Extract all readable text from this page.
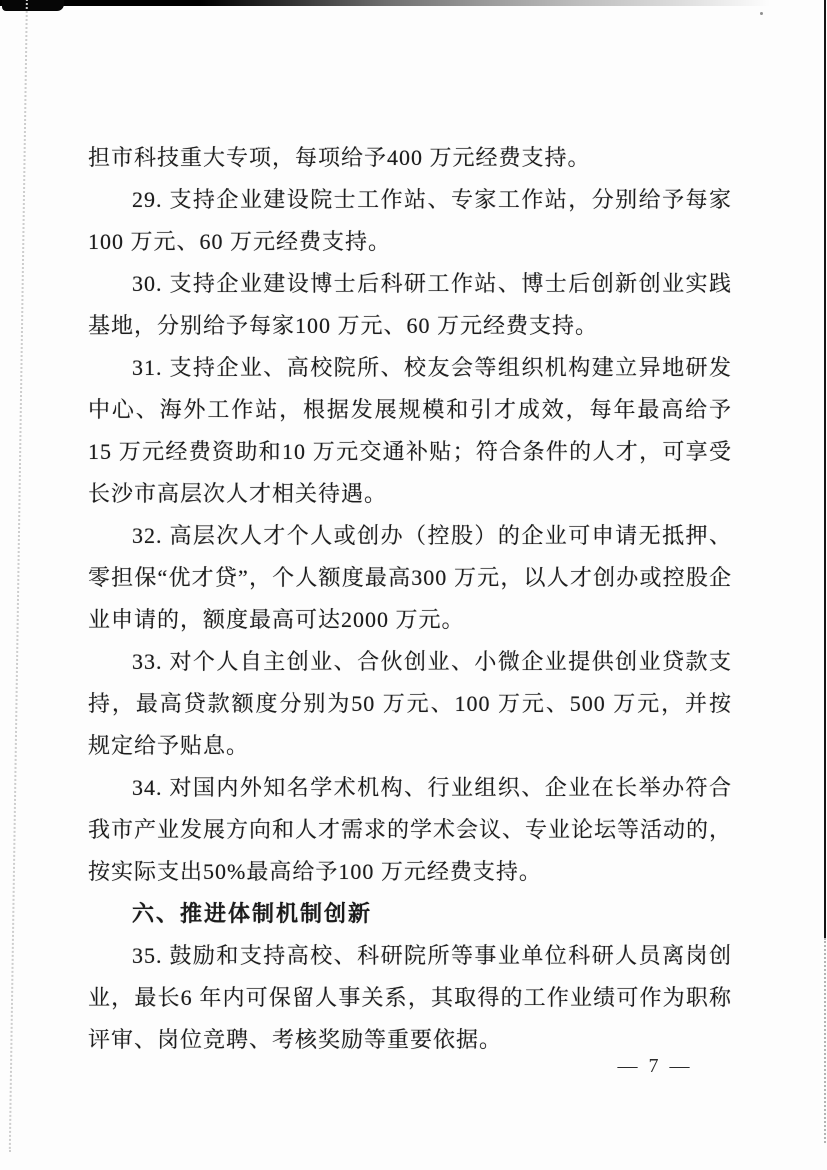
担市科技重大专项，每项给予400 万元经费支持。

29. 支持企业建设院士工作站、专家工作站，分别给予每家100 万元、60 万元经费支持。

30. 支持企业建设博士后科研工作站、博士后创新创业实践基地，分别给予每家100 万元、60 万元经费支持。

31. 支持企业、高校院所、校友会等组织机构建立异地研发中心、海外工作站，根据发展规模和引才成效，每年最高给予15 万元经费资助和10 万元交通补贴；符合条件的人才，可享受长沙市高层次人才相关待遇。

32. 高层次人才个人或创办（控股）的企业可申请无抵押、零担保“优才贷”，个人额度最高300 万元，以人才创办或控股企业申请的，额度最高可达2000 万元。

33. 对个人自主创业、合伙创业、小微企业提供创业贷款支持，最高贷款额度分别为50 万元、100 万元、500 万元，并按规定给予贴息。

34. 对国内外知名学术机构、行业组织、企业在长举办符合我市产业发展方向和人才需求的学术会议、专业论坛等活动的，按实际支出50%最高给予100 万元经费支持。

六、推进体制机制创新

35. 鼓励和支持高校、科研院所等事业单位科研人员离岗创业，最长6 年内可保留人事关系，其取得的工作业绩可作为职称评审、岗位竞聘、考核奖励等重要依据。

— 7 —
